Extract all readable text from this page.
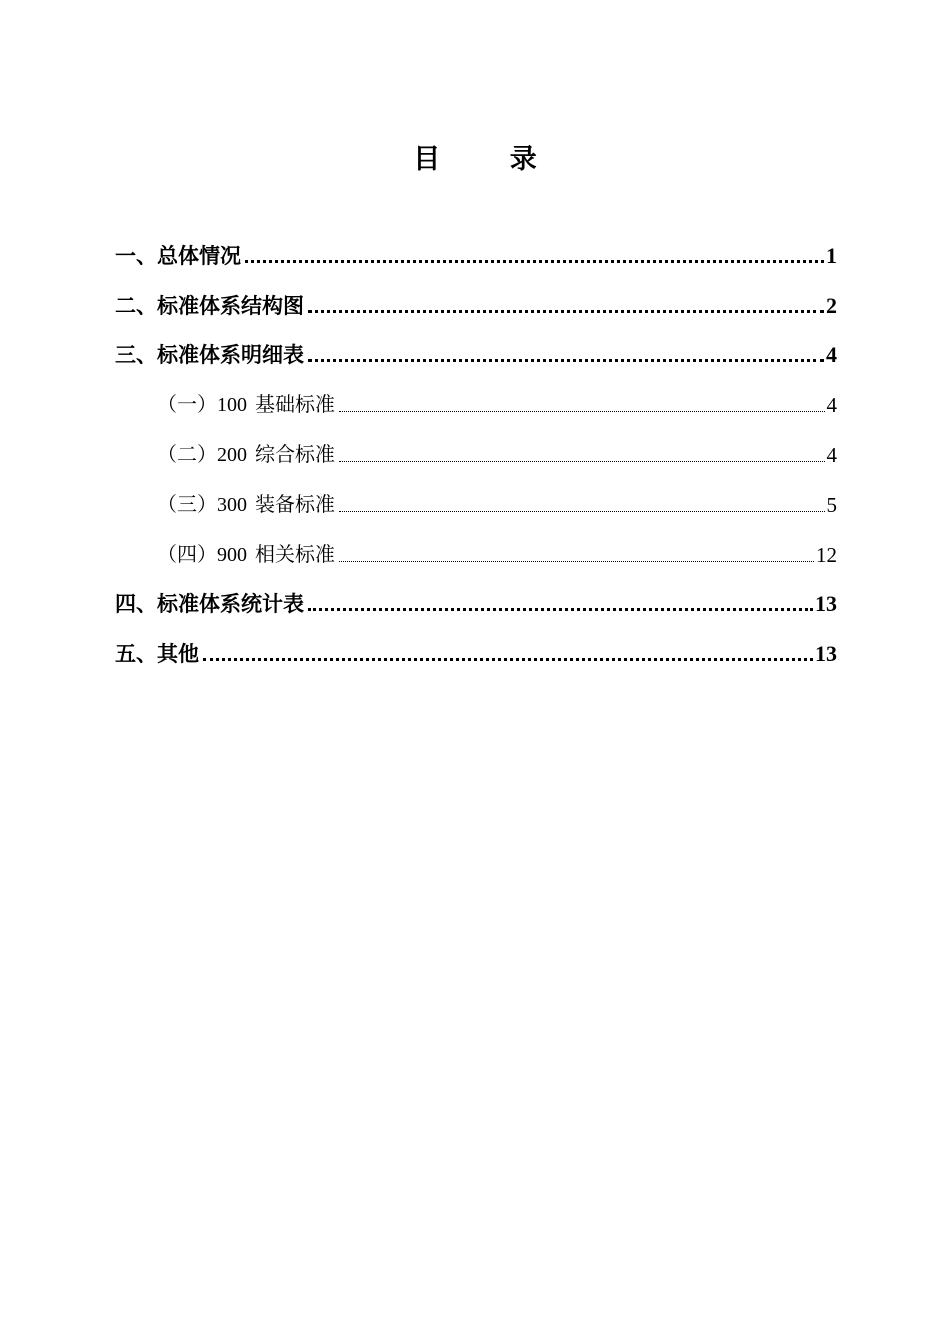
目 录
一、总体情况	1
二、标准体系结构图	2
三、标准体系明细表	4
（一）100 基础标准	4
（二）200 综合标准	4
（三）300 装备标准	5
（四）900 相关标准	12
四、标准体系统计表	13
五、其他	13
